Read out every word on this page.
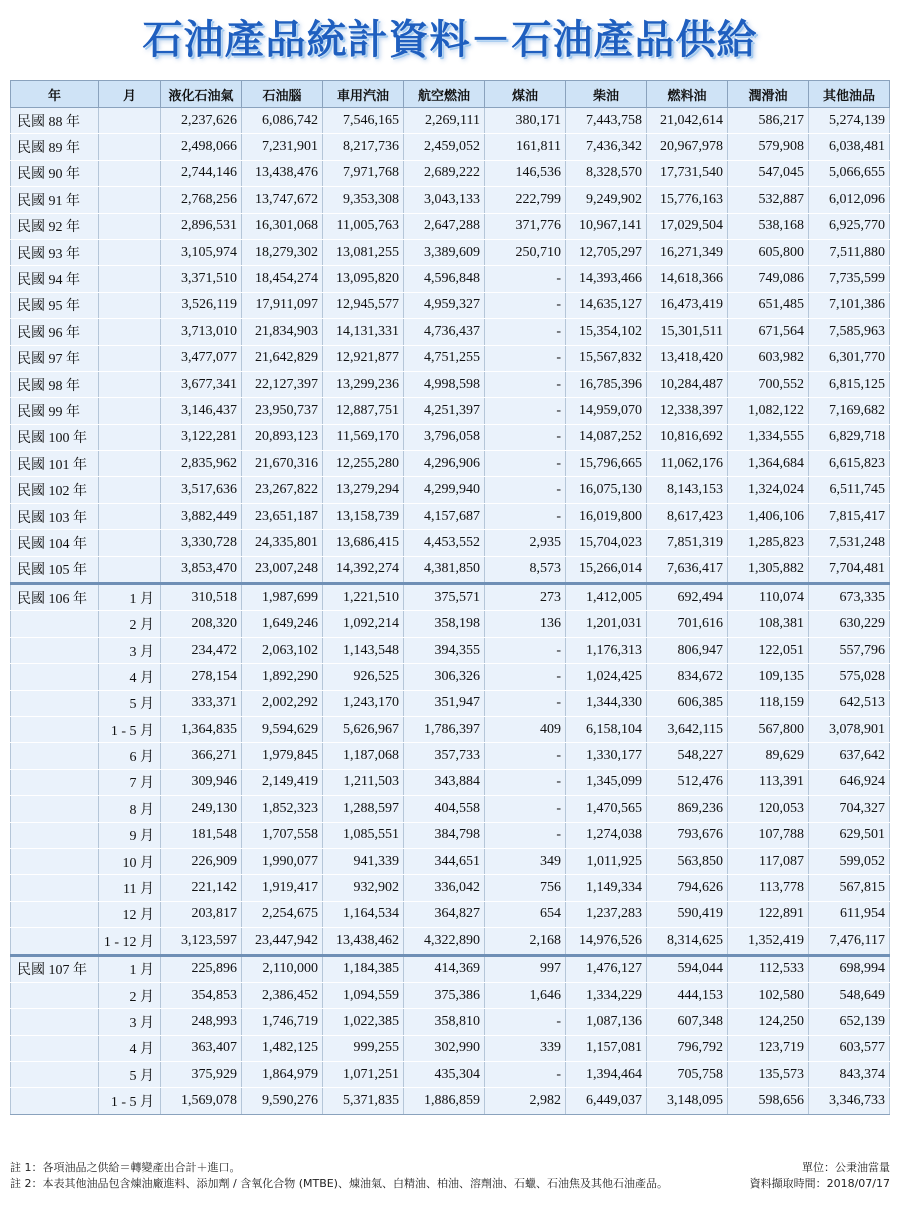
石油產品統計資料－石油產品供給
年	月	液化石油氣	石油腦	車用汽油	航空燃油	煤油	柴油	燃料油	潤滑油	其他油品
民國 88 年		2,237,626	6,086,742	7,546,165	2,269,111	380,171	7,443,758	21,042,614	586,217	5,274,139
民國 89 年		2,498,066	7,231,901	8,217,736	2,459,052	161,811	7,436,342	20,967,978	579,908	6,038,481
民國 90 年		2,744,146	13,438,476	7,971,768	2,689,222	146,536	8,328,570	17,731,540	547,045	5,066,655
民國 91 年		2,768,256	13,747,672	9,353,308	3,043,133	222,799	9,249,902	15,776,163	532,887	6,012,096
民國 92 年		2,896,531	16,301,068	11,005,763	2,647,288	371,776	10,967,141	17,029,504	538,168	6,925,770
民國 93 年		3,105,974	18,279,302	13,081,255	3,389,609	250,710	12,705,297	16,271,349	605,800	7,511,880
民國 94 年		3,371,510	18,454,274	13,095,820	4,596,848	-	14,393,466	14,618,366	749,086	7,735,599
民國 95 年		3,526,119	17,911,097	12,945,577	4,959,327	-	14,635,127	16,473,419	651,485	7,101,386
民國 96 年		3,713,010	21,834,903	14,131,331	4,736,437	-	15,354,102	15,301,511	671,564	7,585,963
民國 97 年		3,477,077	21,642,829	12,921,877	4,751,255	-	15,567,832	13,418,420	603,982	6,301,770
民國 98 年		3,677,341	22,127,397	13,299,236	4,998,598	-	16,785,396	10,284,487	700,552	6,815,125
民國 99 年		3,146,437	23,950,737	12,887,751	4,251,397	-	14,959,070	12,338,397	1,082,122	7,169,682
民國 100 年		3,122,281	20,893,123	11,569,170	3,796,058	-	14,087,252	10,816,692	1,334,555	6,829,718
民國 101 年		2,835,962	21,670,316	12,255,280	4,296,906	-	15,796,665	11,062,176	1,364,684	6,615,823
民國 102 年		3,517,636	23,267,822	13,279,294	4,299,940	-	16,075,130	8,143,153	1,324,024	6,511,745
民國 103 年		3,882,449	23,651,187	13,158,739	4,157,687	-	16,019,800	8,617,423	1,406,106	7,815,417
民國 104 年		3,330,728	24,335,801	13,686,415	4,453,552	2,935	15,704,023	7,851,319	1,285,823	7,531,248
民國 105 年		3,853,470	23,007,248	14,392,274	4,381,850	8,573	15,266,014	7,636,417	1,305,882	7,704,481
民國 106 年	1 月	310,518	1,987,699	1,221,510	375,571	273	1,412,005	692,494	110,074	673,335
	2 月	208,320	1,649,246	1,092,214	358,198	136	1,201,031	701,616	108,381	630,229
	3 月	234,472	2,063,102	1,143,548	394,355	-	1,176,313	806,947	122,051	557,796
	4 月	278,154	1,892,290	926,525	306,326	-	1,024,425	834,672	109,135	575,028
	5 月	333,371	2,002,292	1,243,170	351,947	-	1,344,330	606,385	118,159	642,513
	1 - 5 月	1,364,835	9,594,629	5,626,967	1,786,397	409	6,158,104	3,642,115	567,800	3,078,901
	6 月	366,271	1,979,845	1,187,068	357,733	-	1,330,177	548,227	89,629	637,642
	7 月	309,946	2,149,419	1,211,503	343,884	-	1,345,099	512,476	113,391	646,924
	8 月	249,130	1,852,323	1,288,597	404,558	-	1,470,565	869,236	120,053	704,327
	9 月	181,548	1,707,558	1,085,551	384,798	-	1,274,038	793,676	107,788	629,501
	10 月	226,909	1,990,077	941,339	344,651	349	1,011,925	563,850	117,087	599,052
	11 月	221,142	1,919,417	932,902	336,042	756	1,149,334	794,626	113,778	567,815
	12 月	203,817	2,254,675	1,164,534	364,827	654	1,237,283	590,419	122,891	611,954
	1 - 12 月	3,123,597	23,447,942	13,438,462	4,322,890	2,168	14,976,526	8,314,625	1,352,419	7,476,117
民國 107 年	1 月	225,896	2,110,000	1,184,385	414,369	997	1,476,127	594,044	112,533	698,994
	2 月	354,853	2,386,452	1,094,559	375,386	1,646	1,334,229	444,153	102,580	548,649
	3 月	248,993	1,746,719	1,022,385	358,810	-	1,087,136	607,348	124,250	652,139
	4 月	363,407	1,482,125	999,255	302,990	339	1,157,081	796,792	123,719	603,577
	5 月	375,929	1,864,979	1,071,251	435,304	-	1,394,464	705,758	135,573	843,374
	1 - 5 月	1,569,078	9,590,276	5,371,835	1,886,859	2,982	6,449,037	3,148,095	598,656	3,346,733
註 1：各項油品之供給＝轉變產出合計＋進口。	單位：公秉油當量
註 2：本表其他油品包含煉油廠進料、添加劑 / 含氧化合物 (MTBE)、煉油氣、白精油、柏油、溶劑油、石蠟、石油焦及其他石油產品。	資料擷取時間：2018/07/17
